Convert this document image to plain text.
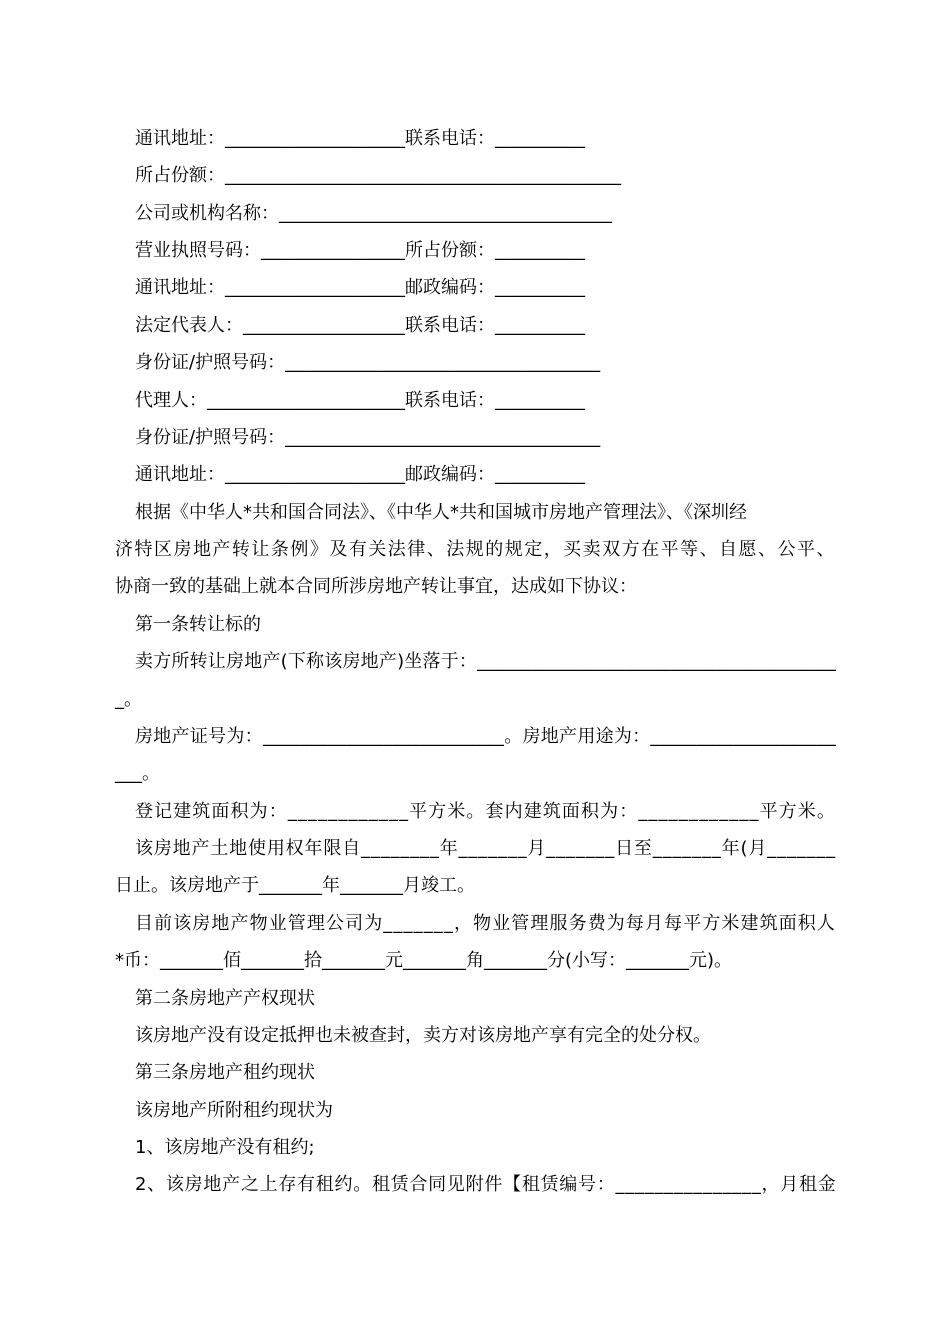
通讯地址：____________________联系电话：__________
所占份额：____________________________________________
公司或机构名称：_____________________________________
营业执照号码：________________所占份额：__________
通讯地址：____________________邮政编码：__________
法定代表人：__________________联系电话：__________
身份证/护照号码：___________________________________
代理人：______________________联系电话：__________
身份证/护照号码：___________________________________
通讯地址：____________________邮政编码：__________
根据《中华人*共和国合同法》、《中华人*共和国城市房地产管理法》、《深圳经
济特区房地产转让条例》及有关法律、法规的规定，买卖双方在平等、自愿、公平、
协商一致的基础上就本合同所涉房地产转让事宜，达成如下协议：
第一条转让标的
卖方所转让房地产(下称该房地产)坐落于：_______________________________________
_。
房地产证号为：__________________________。房地产用途为：____________________
___。
登记建筑面积为：____________平方米。套内建筑面积为：____________平方米。
该房地产土地使用权年限自________年_______月_______日至_______年(月_______
日止。该房地产于_______年_______月竣工。
目前该房地产物业管理公司为_______，物业管理服务费为每月每平方米建筑面积人
*币：_______佰_______拾_______元_______角_______分(小写：_______元)。
第二条房地产产权现状
该房地产没有设定抵押也未被查封，卖方对该房地产享有完全的处分权。
第三条房地产租约现状
该房地产所附租约现状为
1、该房地产没有租约;
2、该房地产之上存有租约。租赁合同见附件【租赁编号：_______________，月租金
